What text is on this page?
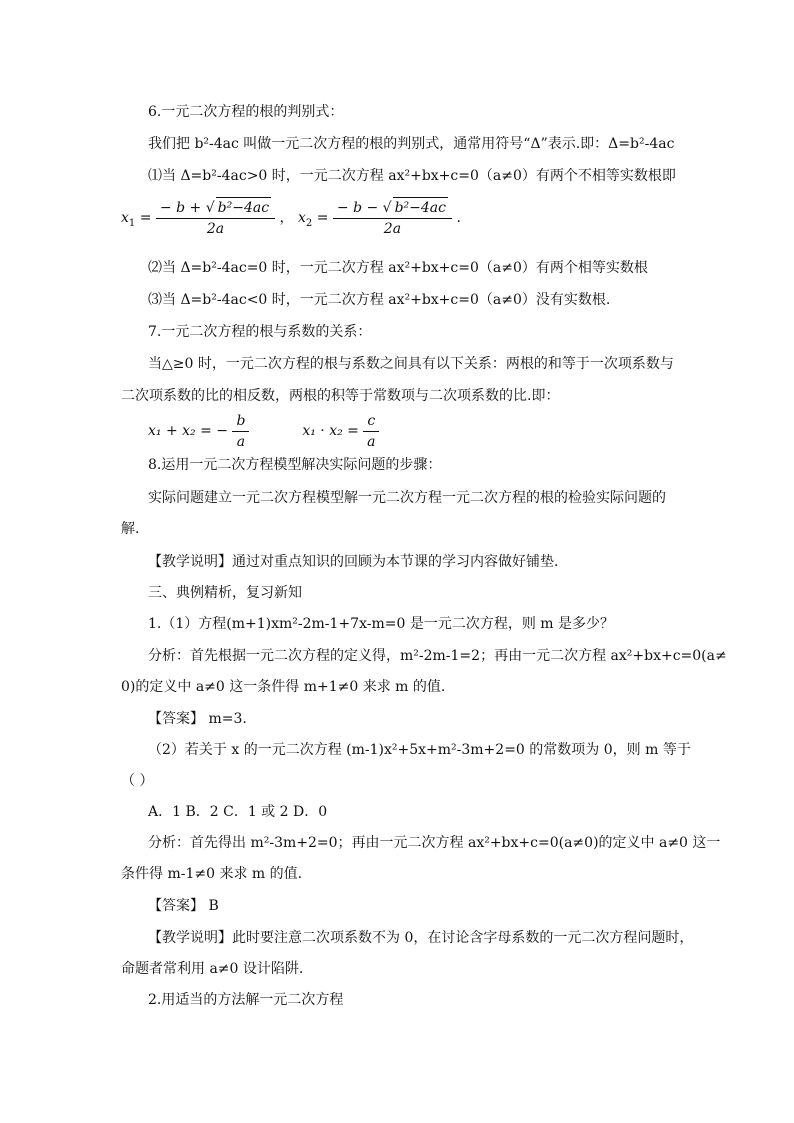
6.一元二次方程的根的判别式：
我们把 b²-4ac 叫做一元二次方程的根的判别式，通常用符号“Δ”表示.即：Δ=b²-4ac
⑴当 Δ=b²-4ac>0 时，一元二次方程 ax²+bx+c=0（a≠0）有两个不相等实数根即
$x_1 = \frac{\text{− b + √ b²−4ac}}{2a}$ ， $x_2 = \frac{\text{− b − √ b²−4ac}}{2a}$ .
⑵当 Δ=b²-4ac=0 时，一元二次方程 ax²+bx+c=0（a≠0）有两个相等实数根
⑶当 Δ=b²-4ac<0 时，一元二次方程 ax²+bx+c=0（a≠0）没有实数根.
7.一元二次方程的根与系数的关系：
当△≥0 时，一元二次方程的根与系数之间具有以下关系：两根的和等于一次项系数与
二次项系数的比的相反数，两根的积等于常数项与二次项系数的比.即：
x₁ + x₂ = − $\frac{b}{a}$	$x_1 \cdot x_2 = \frac{c}{a}$
8.运用一元二次方程模型解决实际问题的步骤：
实际问题建立一元二次方程模型解一元二次方程一元二次方程的根的检验实际问题的
解.
【教学说明】通过对重点知识的回顾为本节课的学习内容做好铺垫.
三、典例精析，复习新知
1.（1）方程(m+1)xm²-2m-1+7x-m=0 是一元二次方程，则 m 是多少？
分析：首先根据一元二次方程的定义得，m²-2m-1=2；再由一元二次方程 ax²+bx+c=0(a≠
0)的定义中 a≠0 这一条件得 m+1≠0 来求 m 的值.
【答案】 m=3.
（2）若关于 x 的一元二次方程 (m-1)x²+5x+m²-3m+2=0 的常数项为 0，则 m 等于
（ ）
A．1 B．2 C．1 或 2 D．0
分析：首先得出 m²-3m+2=0；再由一元二次方程 ax²+bx+c=0(a≠0)的定义中 a≠0 这一
条件得 m-1≠0 来求 m 的值.
【答案】 B
【教学说明】此时要注意二次项系数不为 0，在讨论含字母系数的一元二次方程问题时，
命题者常利用 a≠0 设计陷阱.
2.用适当的方法解一元二次方程
